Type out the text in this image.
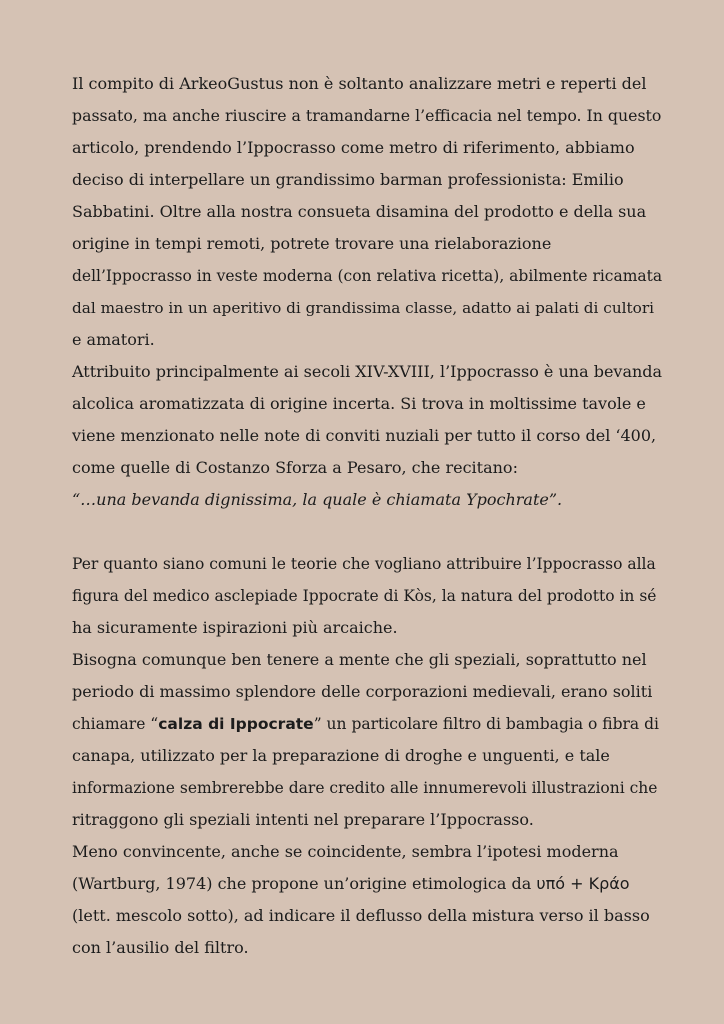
Il compito di ArkeoGustus non è soltanto analizzare metri e reperti del
passato, ma anche riuscire a tramandarne l’efficacia nel tempo. In questo
articolo, prendendo l’Ippocrasso come metro di riferimento, abbiamo
deciso di interpellare un grandissimo barman professionista: Emilio
Sabbatini. Oltre alla nostra consueta disamina del prodotto e della sua
origine in tempi remoti, potrete trovare una rielaborazione
dell’Ippocrasso in veste moderna (con relativa ricetta), abilmente ricamata
dal maestro in un aperitivo di grandissima classe, adatto ai palati di cultori
e amatori.

Attribuito principalmente ai secoli XIV-XVIII, l’Ippocrasso è una bevanda
alcolica aromatizzata di origine incerta. Si trova in moltissime tavole e
viene menzionato nelle note di conviti nuziali per tutto il corso del ‘400,
come quelle di Costanzo Sforza a Pesaro, che recitano:
“…una bevanda dignissima, la quale è chiamata Ypochrate”.

Per quanto siano comuni le teorie che vogliano attribuire l’Ippocrasso alla
figura del medico asclepiade Ippocrate di Kòs, la natura del prodotto in sé
ha sicuramente ispirazioni più arcaiche.

Bisogna comunque ben tenere a mente che gli speziali, soprattutto nel
periodo di massimo splendore delle corporazioni medievali, erano soliti
chiamare “calza di Ippocrate” un particolare filtro di bambagia o fibra di
canapa, utilizzato per la preparazione di droghe e unguenti, e tale
informazione sembrerebbe dare credito alle innumerevoli illustrazioni che
ritraggono gli speziali intenti nel preparare l’Ippocrasso.

Meno convincente, anche se coincidente, sembra l’ipotesi moderna
(Wartburg, 1974) che propone un’origine etimologica da υπό + Κράο
(lett. mescolo sotto), ad indicare il deflusso della mistura verso il basso
con l’ausilio del filtro.
